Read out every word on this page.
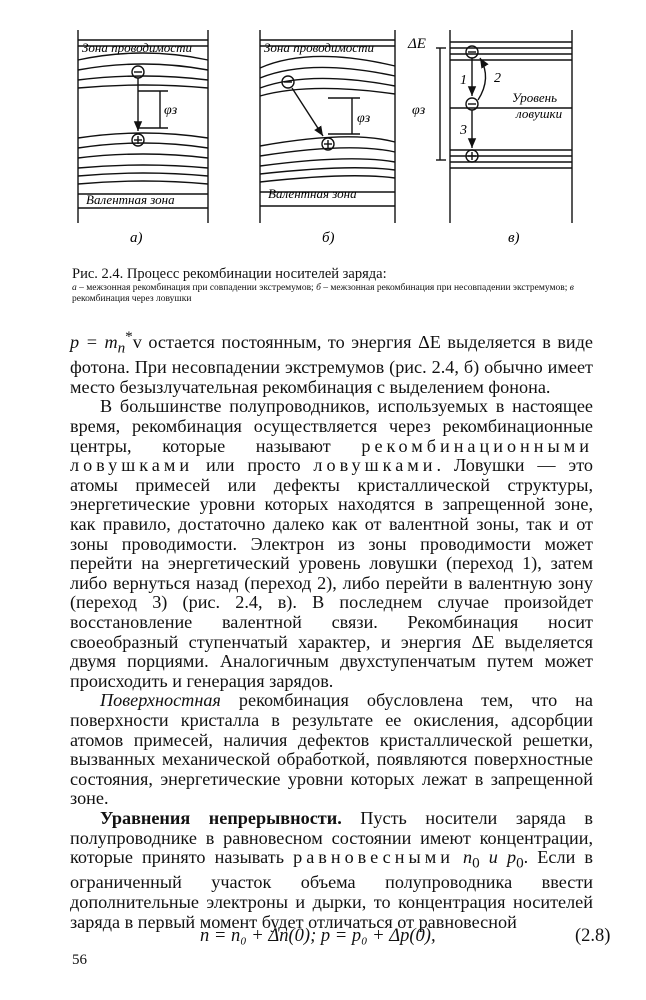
Зона проводимости
φз
Валентная зона
а)
Зона проводимости
φз
Валентная зона
б)
ΔE
φз
1 2
3
Уровень
ловушки
в)
Рис. 2.4. Процесс рекомбинации носителей заряда:
а – межзонная рекомбинация при совпадении экстремумов; б – межзонная рекомбинация при несовпадении экстремумов; в рекомбинация через ловушки

$p = m_n^*v$ остается постоянным, то энергия ΔE выделяется в виде фотона. При несовпадении экстремумов (рис. 2.4, б) обычно имеет место безызлучательная рекомбинация с выделением фонона.

В большинстве полупроводников, используемых в настоящее время, рекомбинация осуществляется через рекомбинационные центры, которые называют рекомбинационными ловушками или просто ловушками. Ловушки — это атомы примесей или дефекты кристаллической структуры, энергетические уровни которых находятся в запрещенной зоне, как правило, достаточно далеко как от валентной зоны, так и от зоны проводимости. Электрон из зоны проводимости может перейти на энергетический уровень ловушки (переход 1), затем либо вернуться назад (переход 2), либо перейти в валентную зону (переход 3) (рис. 2.4, в). В последнем случае произойдет восстановление валентной связи. Рекомбинация носит своеобразный ступенчатый характер, и энергия ΔE выделяется двумя порциями. Аналогичным двухступенчатым путем может происходить и генерация зарядов.

Поверхностная рекомбинация обусловлена тем, что на поверхности кристалла в результате ее окисления, адсорбции атомов примесей, наличия дефектов кристаллической решетки, вызванных механической обработкой, появляются поверхностные состояния, энергетические уровни которых лежат в запрещенной зоне.

Уравнения непрерывности. Пусть носители заряда в полупроводнике в равновесном состоянии имеют концентрации, которые принято называть равновесными $n_0$ и $p_0$. Если в ограниченный участок объема полупроводника ввести дополнительные электроны и дырки, то концентрация носителей заряда в первый момент будет отличаться от равновесной

n = n₀ + Δn(0); p = p₀ + Δp(0),	(2.8)
56
